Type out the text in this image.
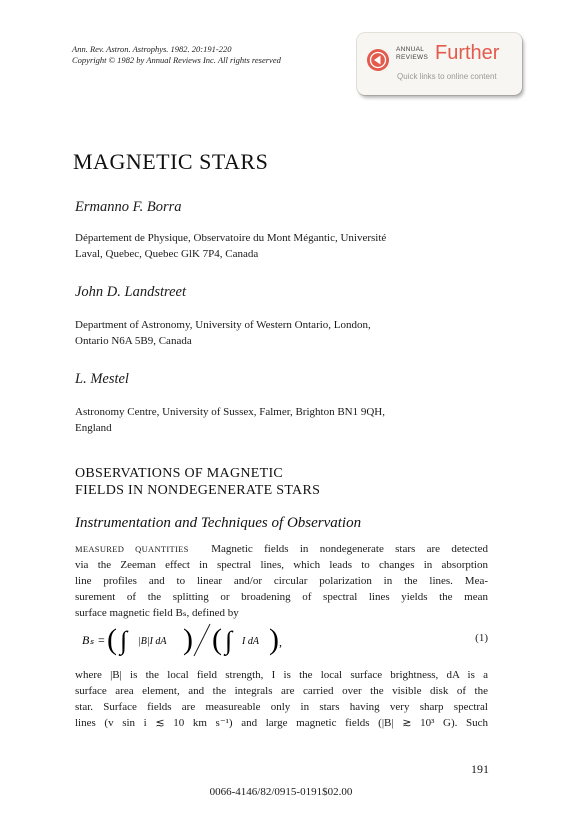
Ann. Rev. Astron. Astrophys. 1982. 20:191-220
Copyright © 1982 by Annual Reviews Inc. All rights reserved
ANNUAL
REVIEWS Further
Quick links to online content
MAGNETIC STARS
Ermanno F. Borra
Département de Physique, Observatoire du Mont Mégantic, Université
Laval, Quebec, Quebec GlK 7P4, Canada
John D. Landstreet
Department of Astronomy, University of Western Ontario, London,
Ontario N6A 5B9, Canada
L. Mestel
Astronomy Centre, University of Sussex, Falmer, Brighton BN1 9QH,
England
OBSERVATIONS OF MAGNETIC
FIELDS IN NONDEGENERATE STARS
Instrumentation and Techniques of Observation
MEASURED QUANTITIES Magnetic fields in nondegenerate stars are detected
via the Zeeman effect in spectral lines, which leads to changes in absorption
line profiles and to linear and/or circular polarization in the lines. Mea-
surement of the splitting or broadening of spectral lines yields the mean
surface magnetic field Bₛ, defined by
Bₛ = ( ∫ |B|I dA ) ( ∫ I dA ) ,	(1)
where |B| is the local field strength, I is the local surface brightness, dA is a
surface area element, and the integrals are carried over the visible disk of the
star. Surface fields are measureable only in stars having very sharp spectral
lines (v sin i ≲ 10 km s⁻¹) and large magnetic fields (|B| ≳ 10³ G). Such
191
0066-4146/82/0915-0191$02.00
